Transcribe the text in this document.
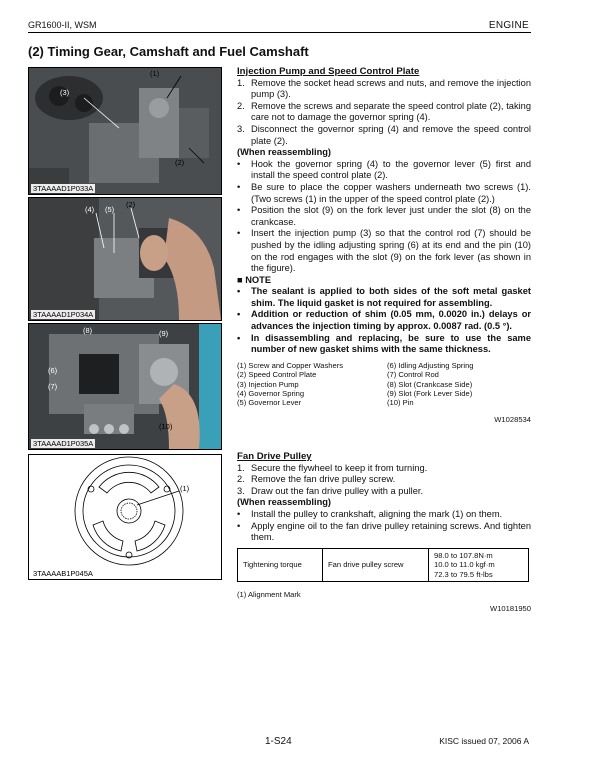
GR1600-II, WSM	ENGINE
(2) Timing Gear, Camshaft and Fuel Camshaft
(1)
(3)
(2)
3TAAAAD1P033A
(4) (5)
(2)
3TAAAAD1P034A
(8)	(9)
(6)
(7)
(10)
3TAAAAD1P035A
(1)
3TAAAAB1P045A
Injection Pump and Speed Control Plate
1. Remove the socket head screws and nuts, and remove the injection pump (3).
2. Remove the screws and separate the speed control plate (2), taking care not to damage the governor spring (4).
3. Disconnect the governor spring (4) and remove the speed control plate (2).
(When reassembling)
• Hook the governor spring (4) to the governor lever (5) first and install the speed control plate (2).
• Be sure to place the copper washers underneath two screws (1). (Two screws (1) in the upper of the speed control plate (2).)
• Position the slot (9) on the fork lever just under the slot (8) on the crankcase.
• Insert the injection pump (3) so that the control rod (7) should be pushed by the idling adjusting spring (6) at its end and the pin (10) on the rod engages with the slot (9) on the fork lever (as shown in the figure).
■ NOTE
• The sealant is applied to both sides of the soft metal gasket shim. The liquid gasket is not required for assembling.
• Addition or reduction of shim (0.05 mm, 0.0020 in.) delays or advances the injection timing by approx. 0.0087 rad. (0.5 °).
• In disassembling and replacing, be sure to use the same number of new gasket shims with the same thickness.
(1) Screw and Copper Washers	(6) Idling Adjusting Spring
(2) Speed Control Plate	(7) Control Rod
(3) Injection Pump	(8) Slot (Crankcase Side)
(4) Governor Spring	(9) Slot (Fork Lever Side)
(5) Governor Lever	(10) Pin
W1028534
Fan Drive Pulley
1. Secure the flywheel to keep it from turning.
2. Remove the fan drive pulley screw.
3. Draw out the fan drive pulley with a puller.
(When reassembling)
• Install the pulley to crankshaft, aligning the mark (1) on them.
• Apply engine oil to the fan drive pulley retaining screws. And tighten them.
Tightening torque	Fan drive pulley screw	
98.0 to 107.8N·m
10.0 to 11.0 kgf·m
72.3 to 79.5 ft-lbs
(1) Alignment Mark
W10181950
1-S24	KISC issued 07, 2006 A
